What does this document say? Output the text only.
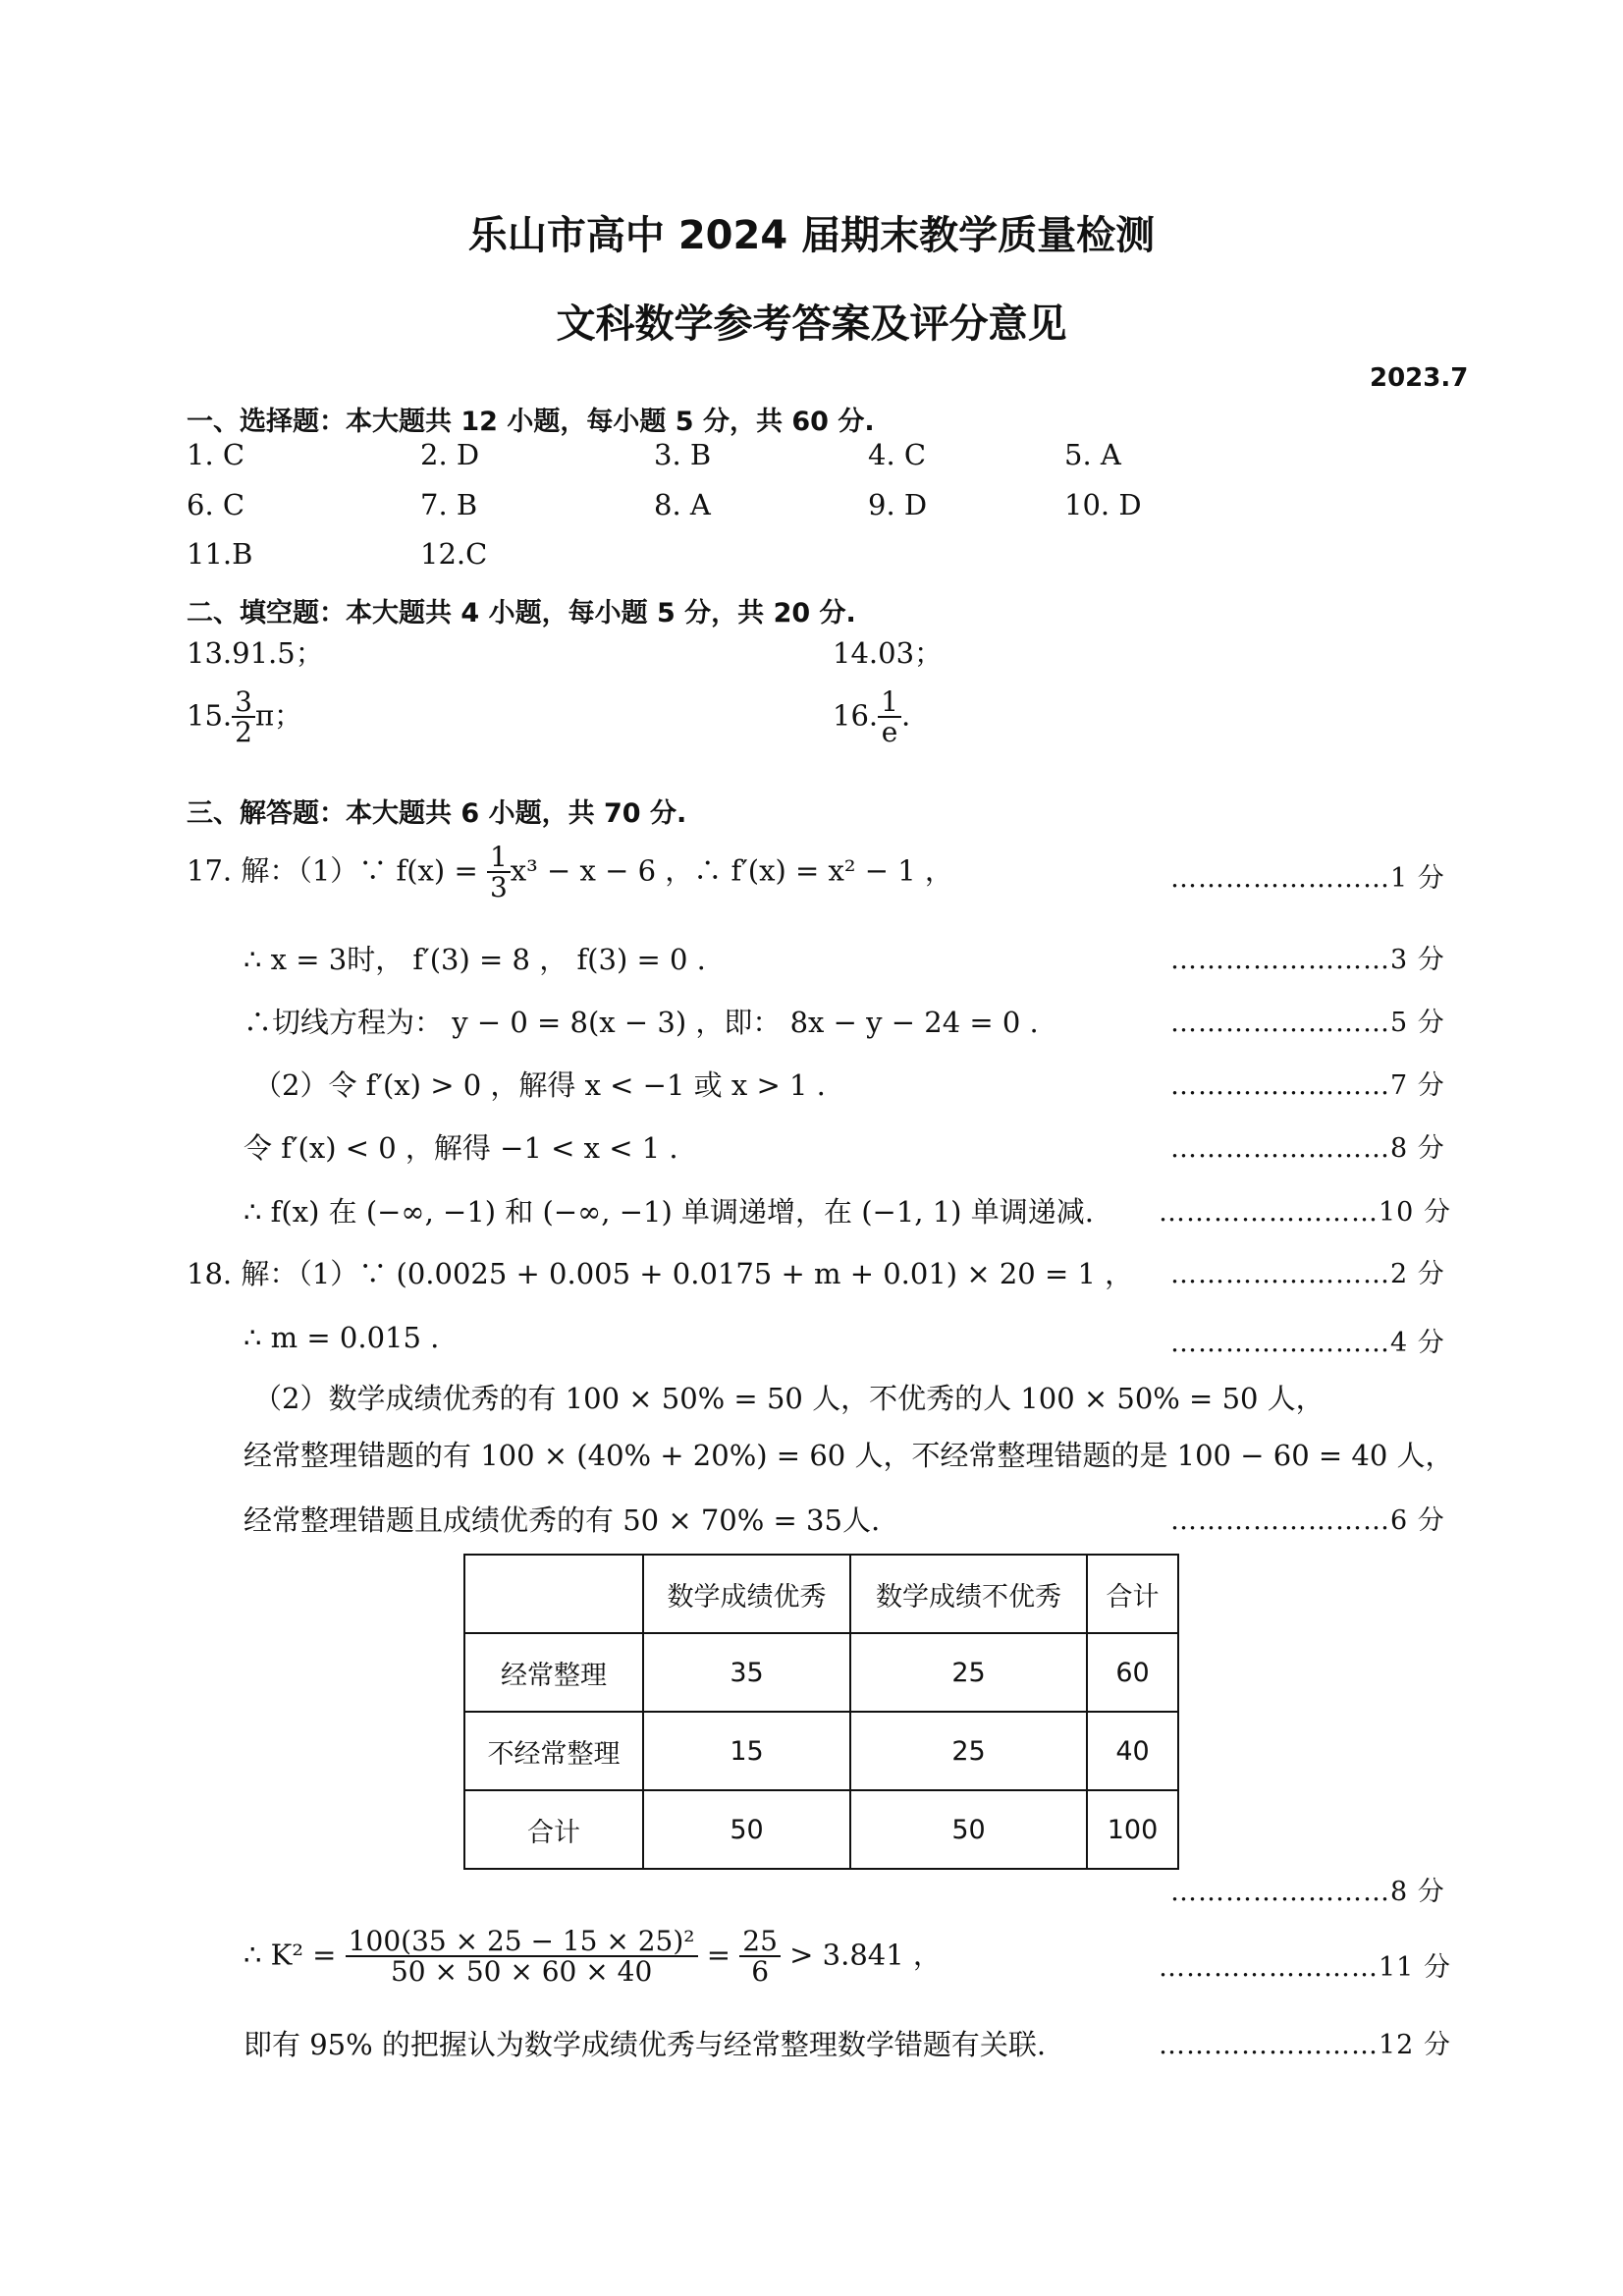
乐山市高中 2024 届期末教学质量检测
文科数学参考答案及评分意见
2023.7
一、选择题：本大题共 12 小题，每小题 5 分，共 60 分.
1. C	2. D	3. B	4. C	5. A
6. C	7. B	8. A	9. D	10. D
11.B	12.C
二、填空题：本大题共 4 小题，每小题 5 分，共 20 分.
13.91.5；	14.03；
15. $\frac{3}{2}$ π；	16. $\frac{1}{e}$ .
三、解答题：本大题共 6 小题，共 70 分.
17. 解：（1）∵ $f(x) = \frac{1}{3} x^3 - x - 6$ ，∴ f′(x) = x² − 1 ，	……………………1 分
∴ x = 3时， f′(3) = 8 ， f(3) = 0 .	……………………3 分
∴切线方程为： y − 0 = 8(x − 3) ，即： 8x − y − 24 = 0 .	……………………5 分
（2）令 f′(x) > 0 ，解得 x < −1 或 x > 1 .	……………………7 分
令 f′(x) < 0 ，解得 −1 < x < 1 .	……………………8 分
∴ f(x) 在 (−∞, −1) 和 (−∞, −1) 单调递增，在 (−1, 1) 单调递减. ……………………10 分
18. 解：（1）∵ (0.0025 + 0.005 + 0.0175 + m + 0.01) × 20 = 1 ， ……………………2 分
∴ m = 0.015 .	……………………4 分
（2）数学成绩优秀的有 100 × 50% = 50 人，不优秀的人 100 × 50% = 50 人，
经常整理错题的有 100 × (40% + 20%) = 60 人，不经常整理错题的是 100 − 60 = 40 人，
经常整理错题且成绩优秀的有 50 × 70% = 35人.	……………………6 分
	数学成绩优秀	数学成绩不优秀	合计
经常整理	35	25	60
不经常整理	15	25	40
合计	50	50	100
……………………8 分
∴ $K^2 = \frac{\text{100(35 × 25 − 15 × 25)²}}{50 \times 50 \times 60 \times 40} = \frac{25}{6} > 3.841$ ，	……………………11 分
即有 95% 的把握认为数学成绩优秀与经常整理数学错题有关联.	……………………12 分
